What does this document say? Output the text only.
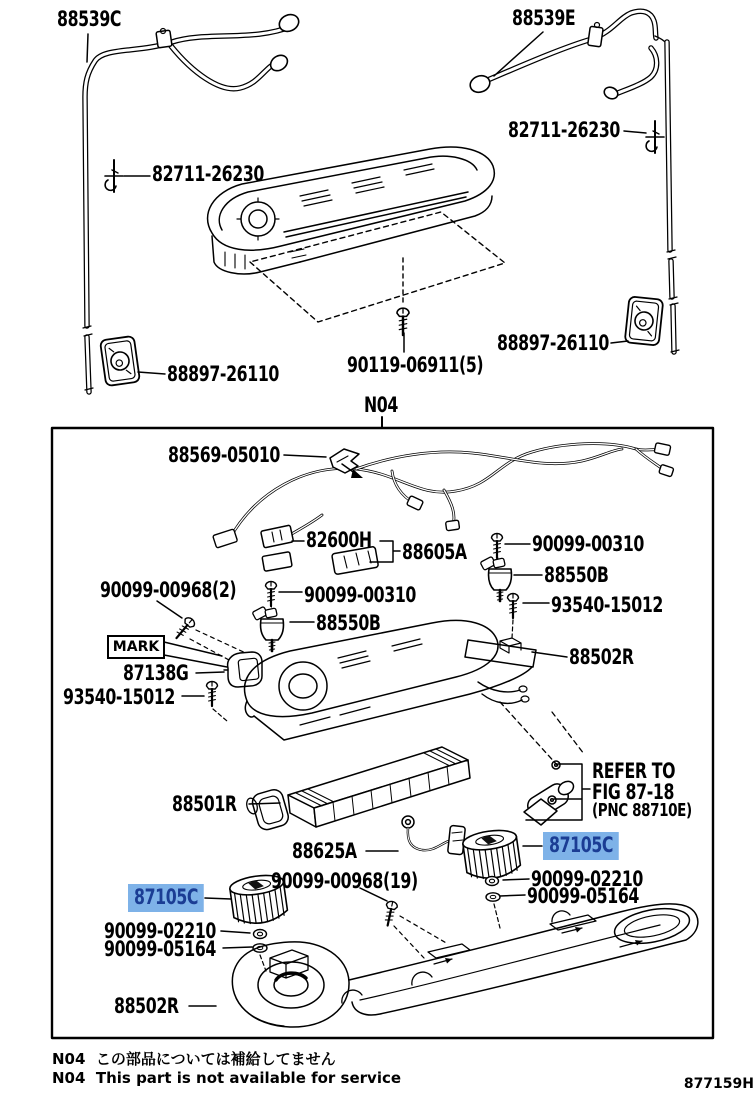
88539C	88539E
82711-26230
82711-26230
88897-26110	90119-06911(5)
88897-26110
N04
88569-05010
82600H 88605A	90099-00310
88550B
93540-15012
90099-00968(2)	90099-00310
88550B
MARK
87138G
93540-15012
88502R
88501R
REFER TO
FIG 87-18
(PNC 88710E)
87105C
88625A
90099-00968(19)	90099-02210
90099-05164
87105C
90099-02210
90099-05164
88502R
N04  この部品については補給してません
N04  This part is not available for service	877159H
